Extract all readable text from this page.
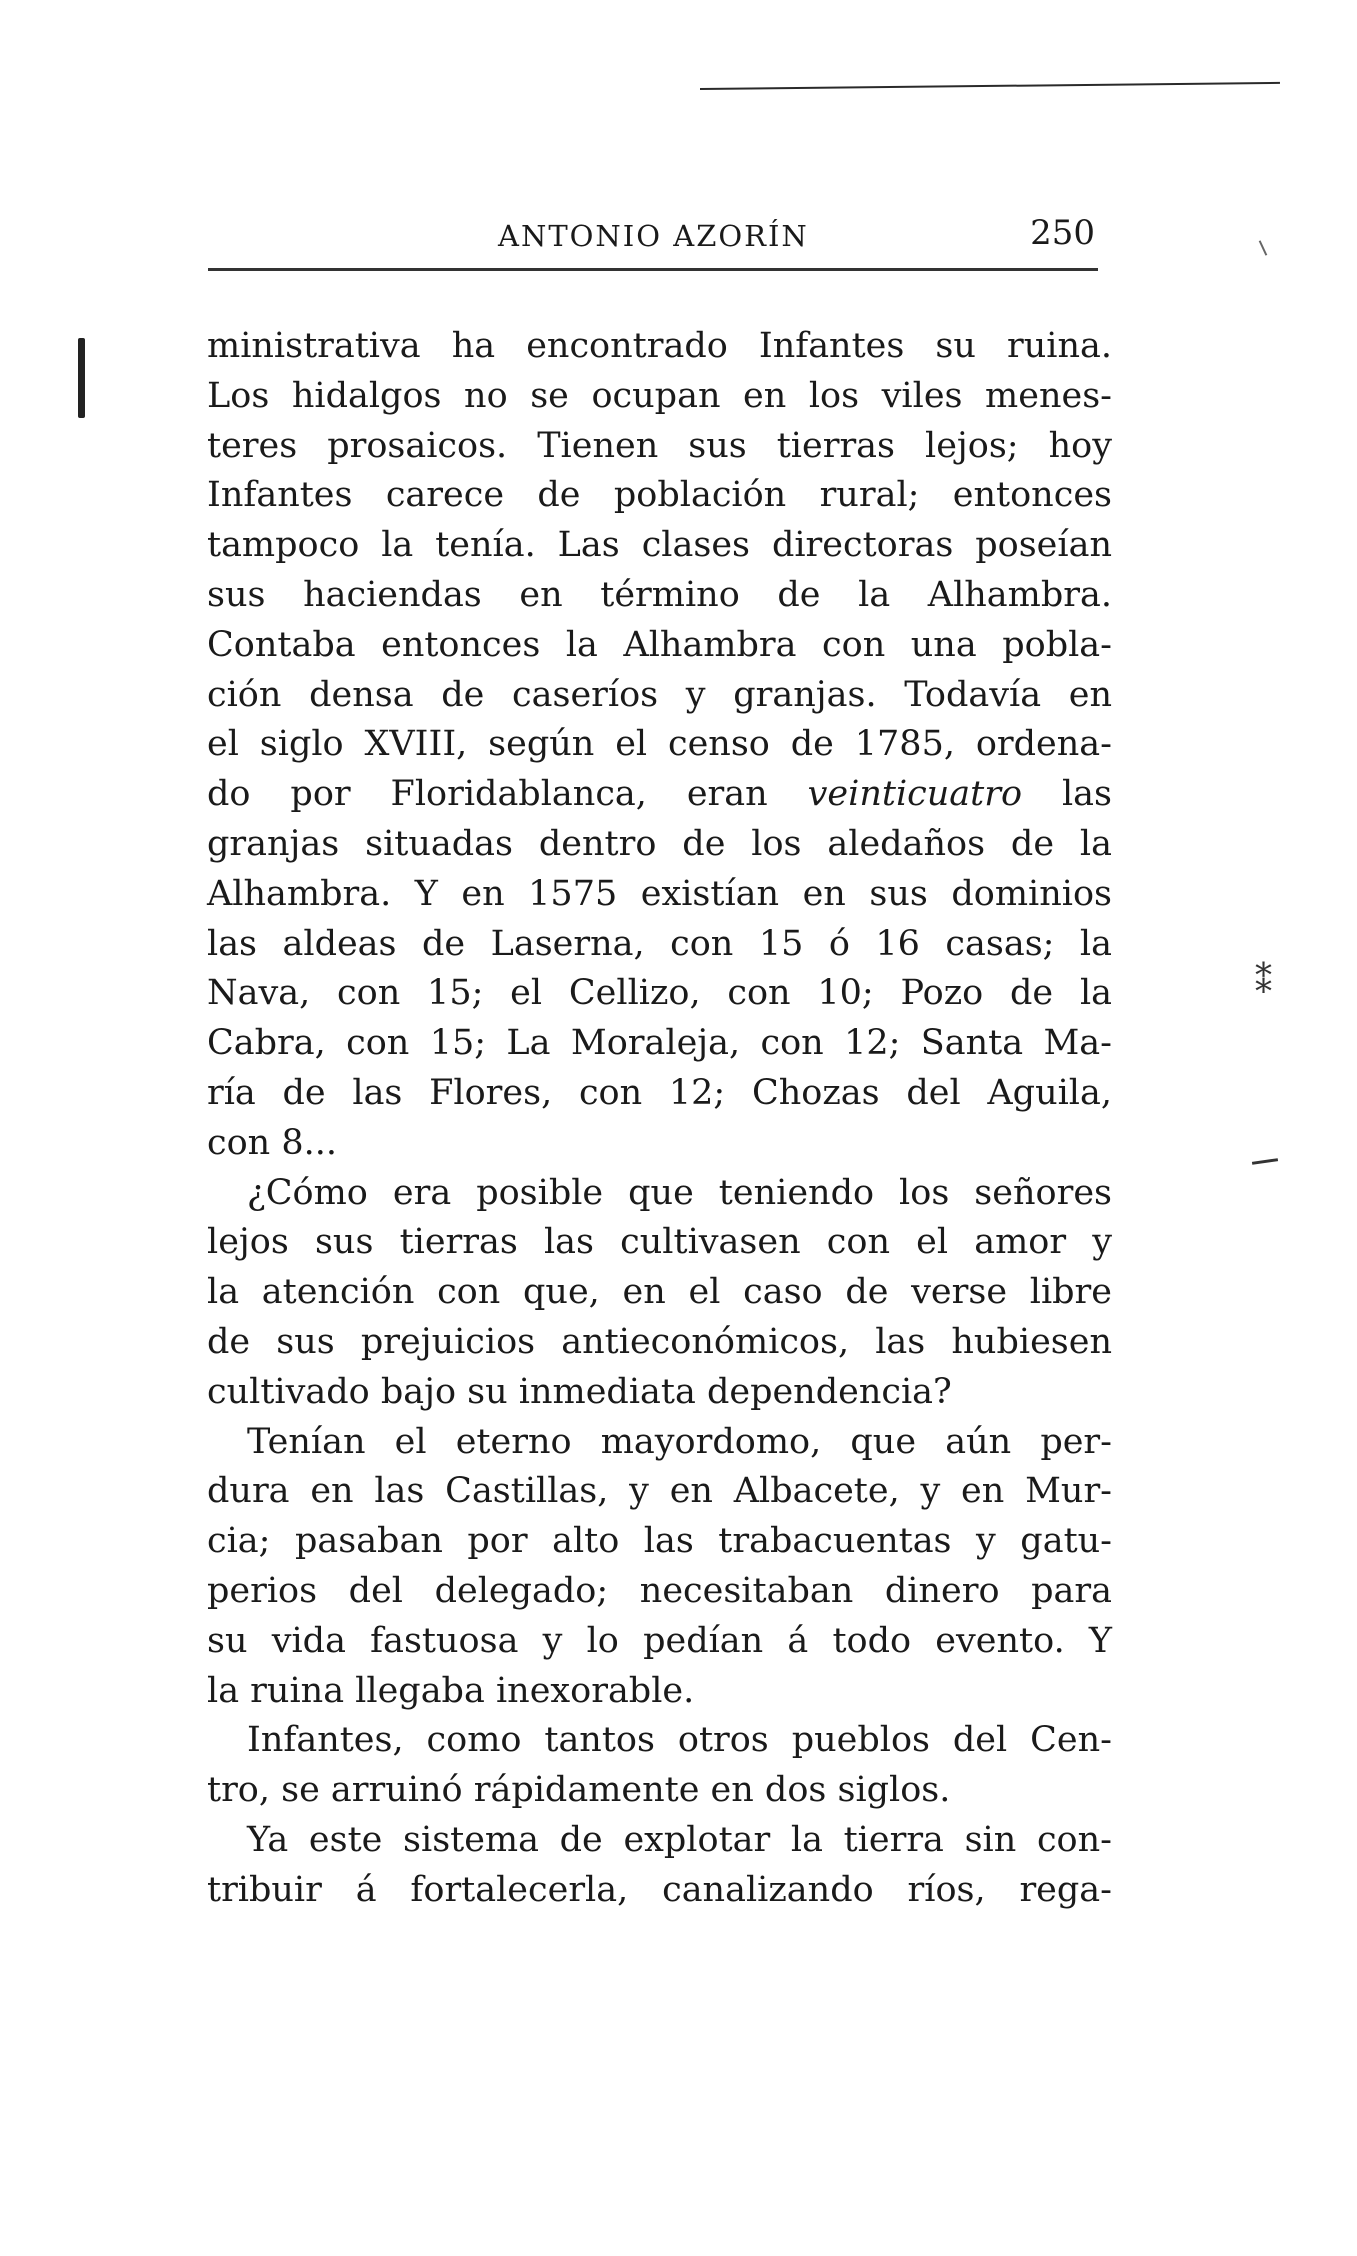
ANTONIO AZORÍN	250
⁑
ministrativa ha encontrado Infantes su ruina.
Los hidalgos no se ocupan en los viles menes-
teres prosaicos. Tienen sus tierras lejos; hoy
Infantes carece de población rural; entonces
tampoco la tenía. Las clases directoras poseían
sus haciendas en término de la Alhambra.
Contaba entonces la Alhambra con una pobla-
ción densa de caseríos y granjas. Todavía en
el siglo XVIII, según el censo de 1785, ordena-
do por Floridablanca, eran veinticuatro las
granjas situadas dentro de los aledaños de la
Alhambra. Y en 1575 existían en sus dominios
las aldeas de Laserna, con 15 ó 16 casas; la
Nava, con 15; el Cellizo, con 10; Pozo de la
Cabra, con 15; La Moraleja, con 12; Santa Ma-
ría de las Flores, con 12; Chozas del Aguila,
con 8...
¿Cómo era posible que teniendo los señores
lejos sus tierras las cultivasen con el amor y
la atención con que, en el caso de verse libre
de sus prejuicios antieconómicos, las hubiesen
cultivado bajo su inmediata dependencia?
Tenían el eterno mayordomo, que aún per-
dura en las Castillas, y en Albacete, y en Mur-
cia; pasaban por alto las trabacuentas y gatu-
perios del delegado; necesitaban dinero para
su vida fastuosa y lo pedían á todo evento. Y
la ruina llegaba inexorable.
Infantes, como tantos otros pueblos del Cen-
tro, se arruinó rápidamente en dos siglos.
Ya este sistema de explotar la tierra sin con-
tribuir á fortalecerla, canalizando ríos, rega-
